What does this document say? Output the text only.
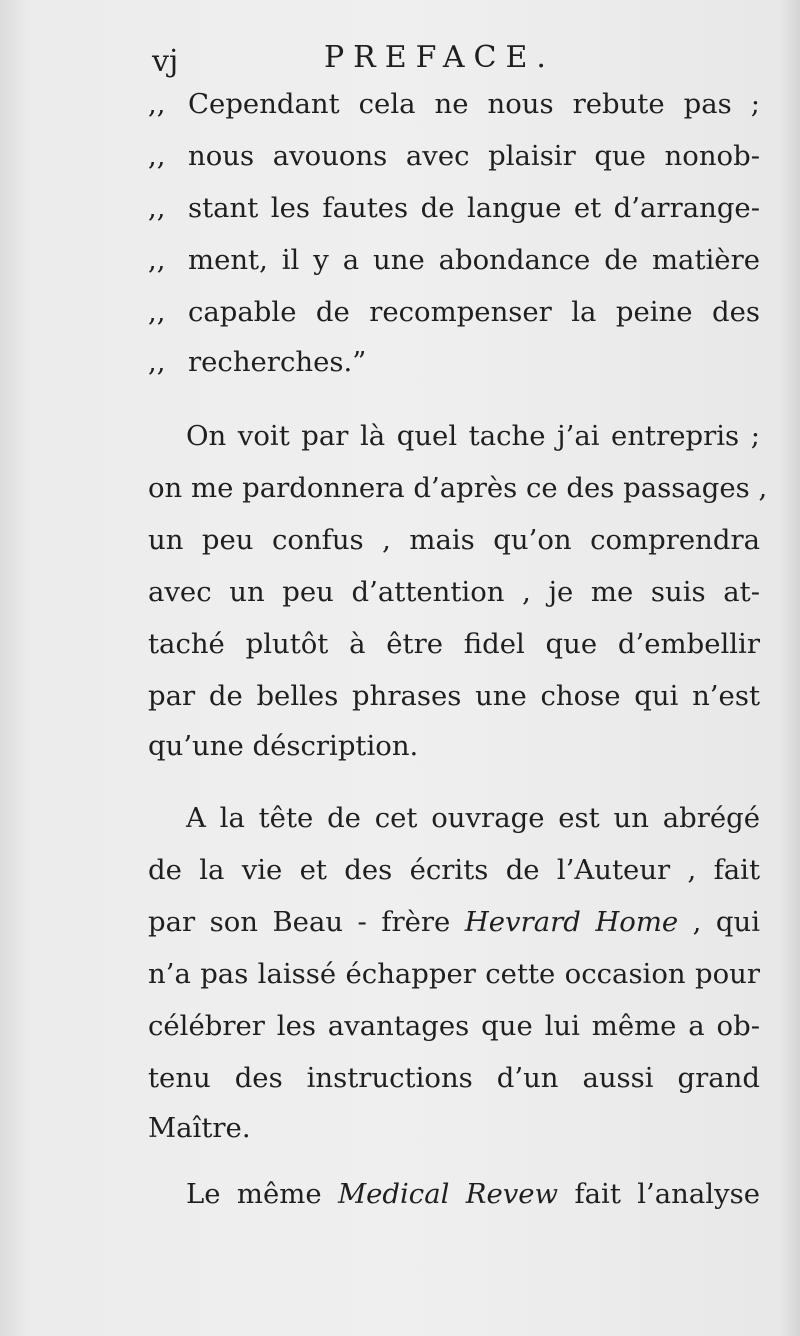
vj	PREFACE.
,, Cependant cela ne nous rebute pas ;
,, nous avouons avec plaisir que nonob-
,, stant les fautes de langue et d’arrange-
,, ment, il y a une abondance de matière
,, capable de recompenser la peine des
,, recherches.”
On voit par là quel tache j’ai entrepris ;
on me pardonnera d’après ce des passages ,
un peu confus , mais qu’on comprendra
avec un peu d’attention , je me suis at-
taché plutôt à être fidel que d’embellir
par de belles phrases une chose qui n’est
qu’une déscription.
A la tête de cet ouvrage est un abrégé
de la vie et des écrits de l’Auteur , fait
par son Beau - frère Hevrard Home , qui
n’a pas laissé échapper cette occasion pour
célébrer les avantages que lui même a ob-
tenu des instructions d’un aussi grand
Maître.
Le même Medical Revew fait l’analyse
